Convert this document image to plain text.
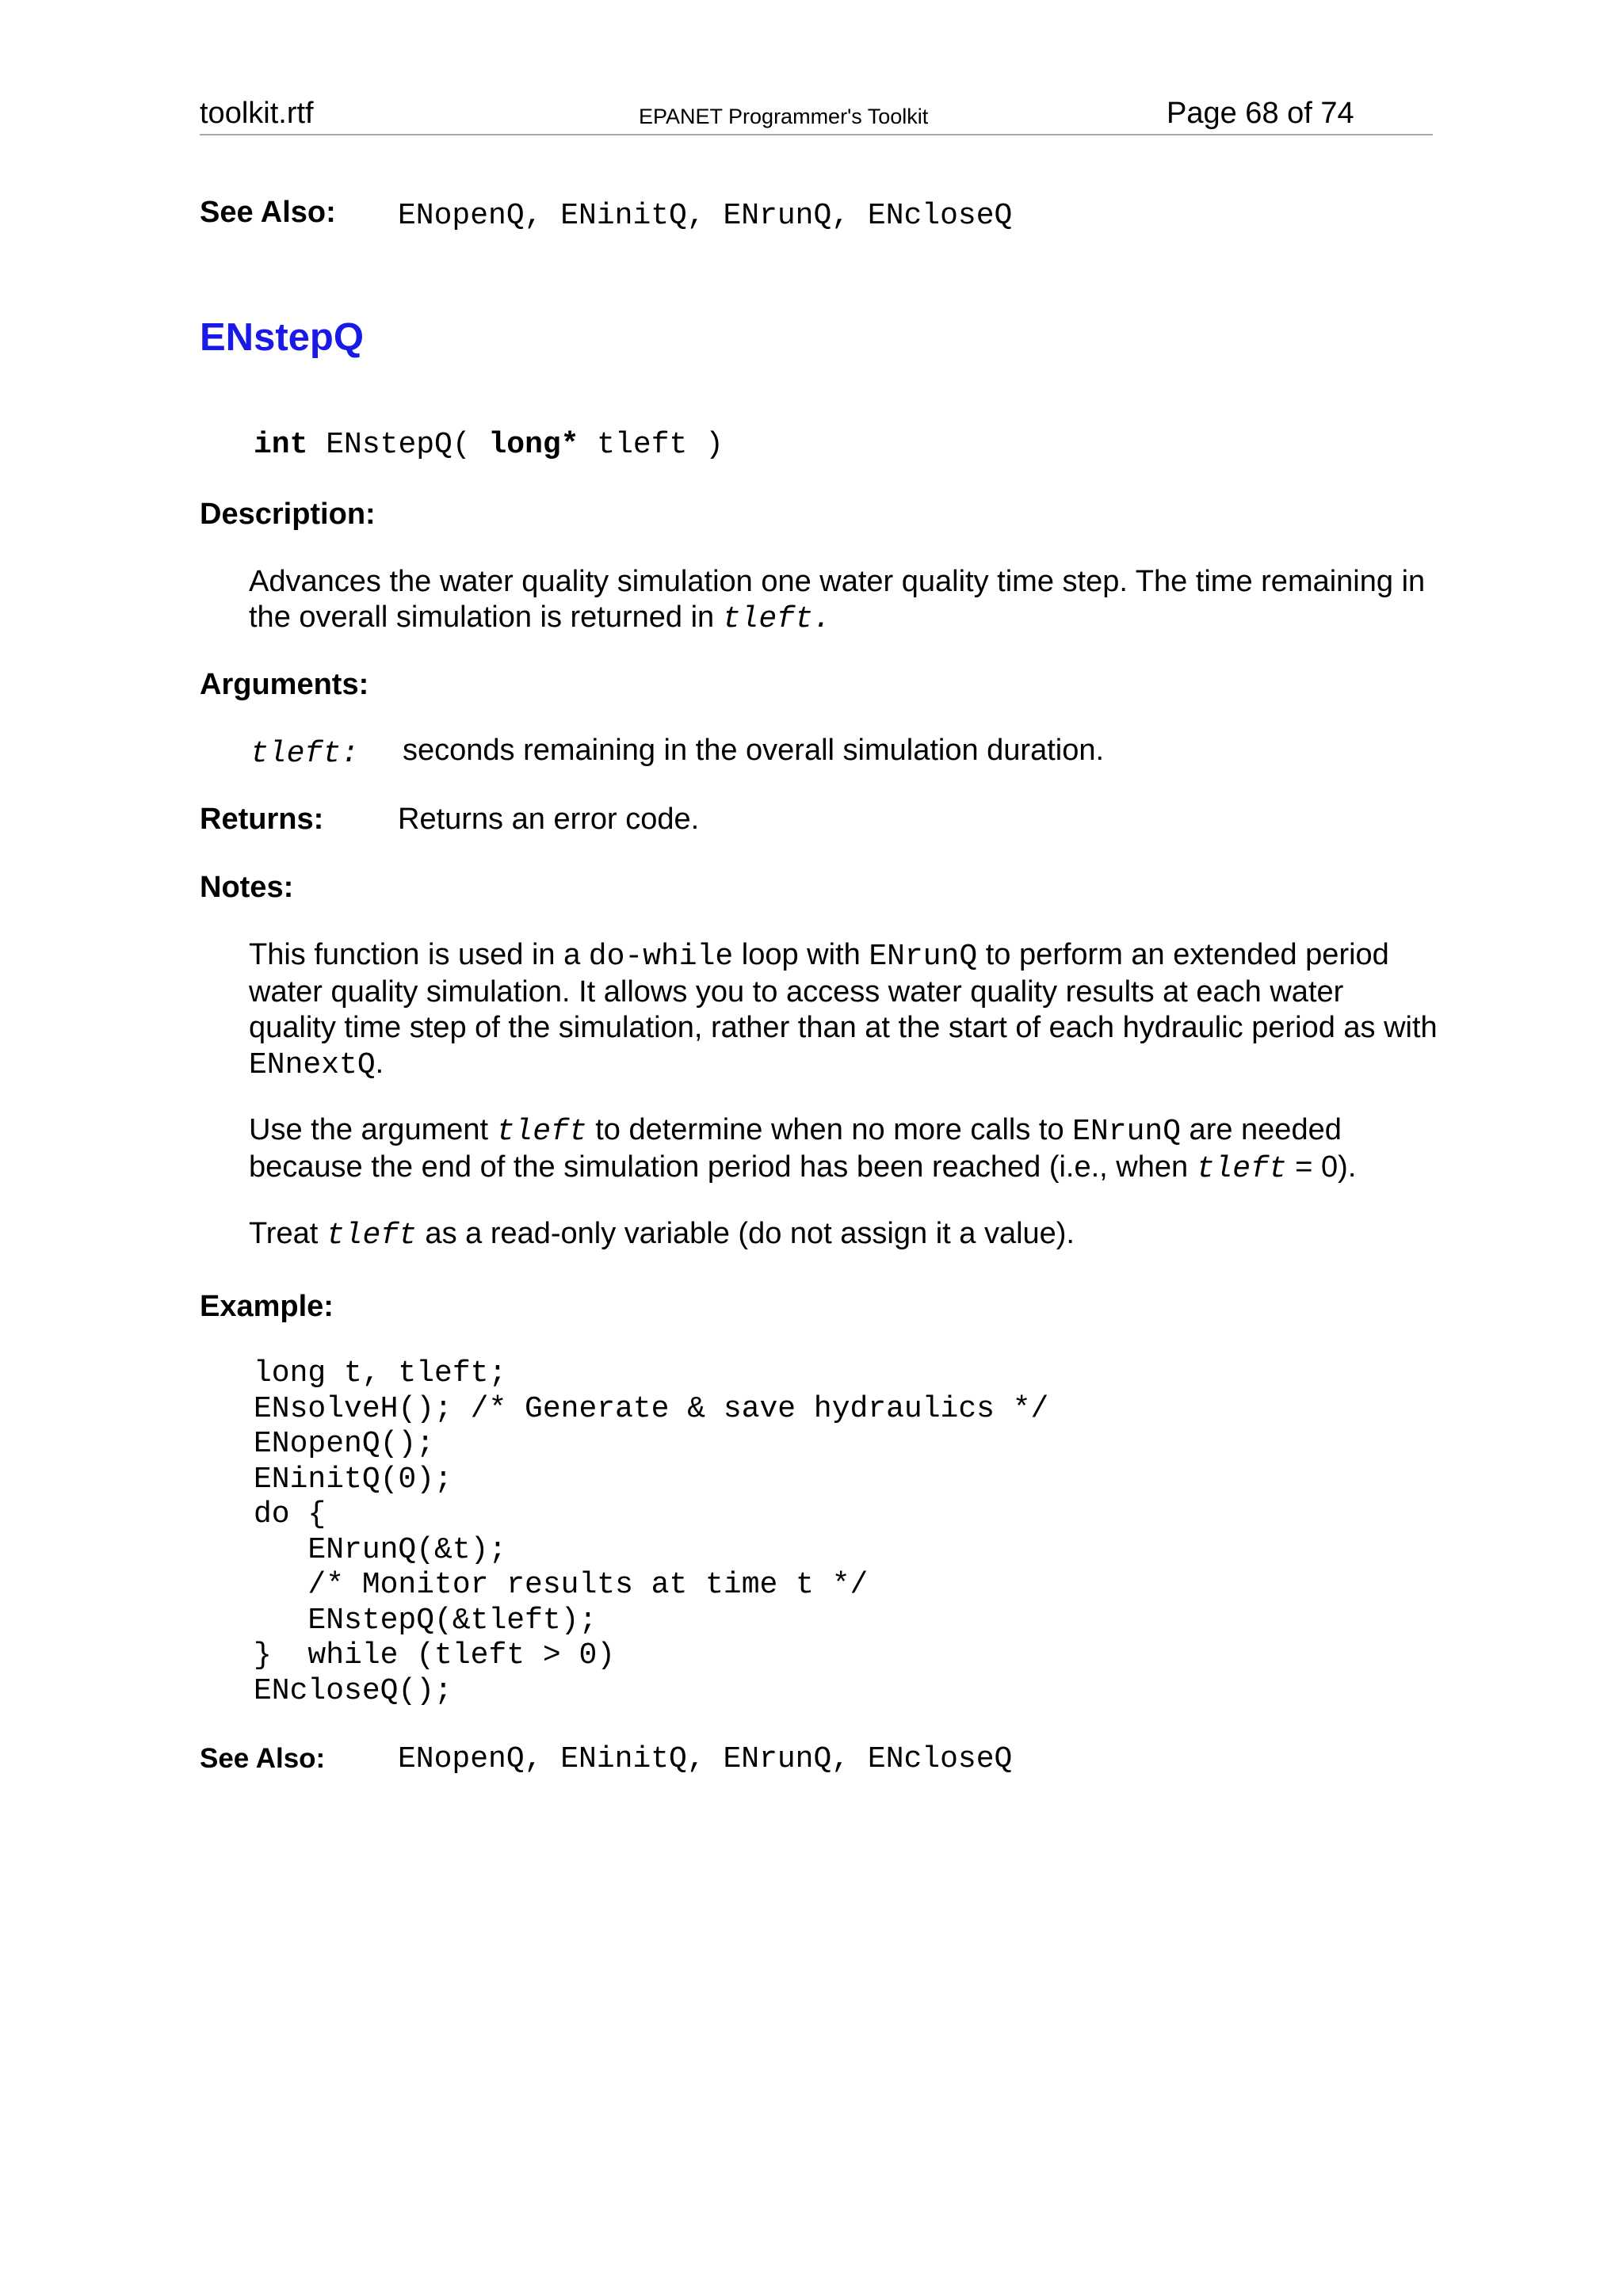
toolkit.rtf	EPANET Programmer's Toolkit	Page 68 of 74
See Also: ENopenQ, ENinitQ, ENrunQ, ENcloseQ
ENstepQ
int ENstepQ( long* tleft )
Description:
Advances the water quality simulation one water quality time step. The time remaining in the overall simulation is returned in tleft.
Arguments:
tleft: seconds remaining in the overall simulation duration.
Returns: Returns an error code.
Notes:
This function is used in a do-while loop with ENrunQ to perform an extended period water quality simulation. It allows you to access water quality results at each water quality time step of the simulation, rather than at the start of each hydraulic period as with ENnextQ.
Use the argument tleft to determine when no more calls to ENrunQ are needed because the end of the simulation period has been reached (i.e., when tleft = 0).
Treat tleft as a read-only variable (do not assign it a value).
Example:
long t, tleft;
ENsolveH(); /* Generate & save hydraulics */
ENopenQ();
ENinitQ(0);
do {
ENrunQ(&t);
/* Monitor results at time t */
ENstepQ(&tleft);
}  while (tleft > 0)
ENcloseQ();
See Also: ENopenQ, ENinitQ, ENrunQ, ENcloseQ
